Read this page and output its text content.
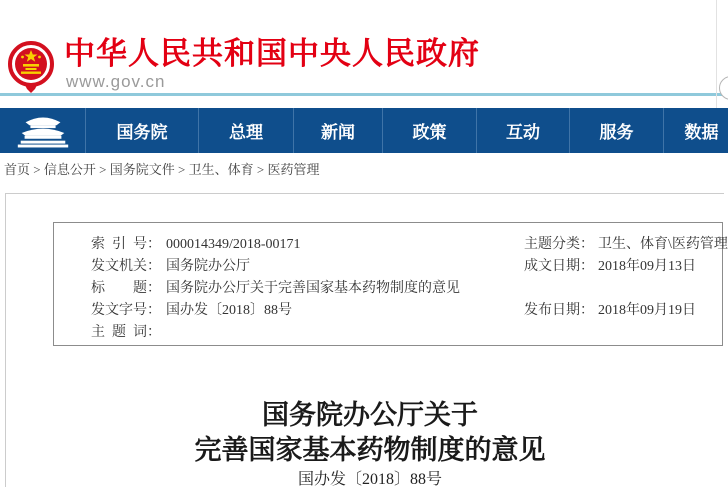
中华人民共和国中央人民政府
www.gov.cn
国务院	总理	新闻	政策	互动	服务	数据
首页 > 信息公开 > 国务院文件 > 卫生、体育 > 医药管理
索 引 号： 000014349/2018-00171
发文机关： 国务院办公厅
标　　题： 国务院办公厅关于完善国家基本药物制度的意见
发文字号： 国办发〔2018〕88号
主 题 词：
主题分类： 卫生、体育\医药管理
成文日期： 2018年09月13日
发布日期： 2018年09月19日
国务院办公厅关于
完善国家基本药物制度的意见
国办发〔2018〕88号
